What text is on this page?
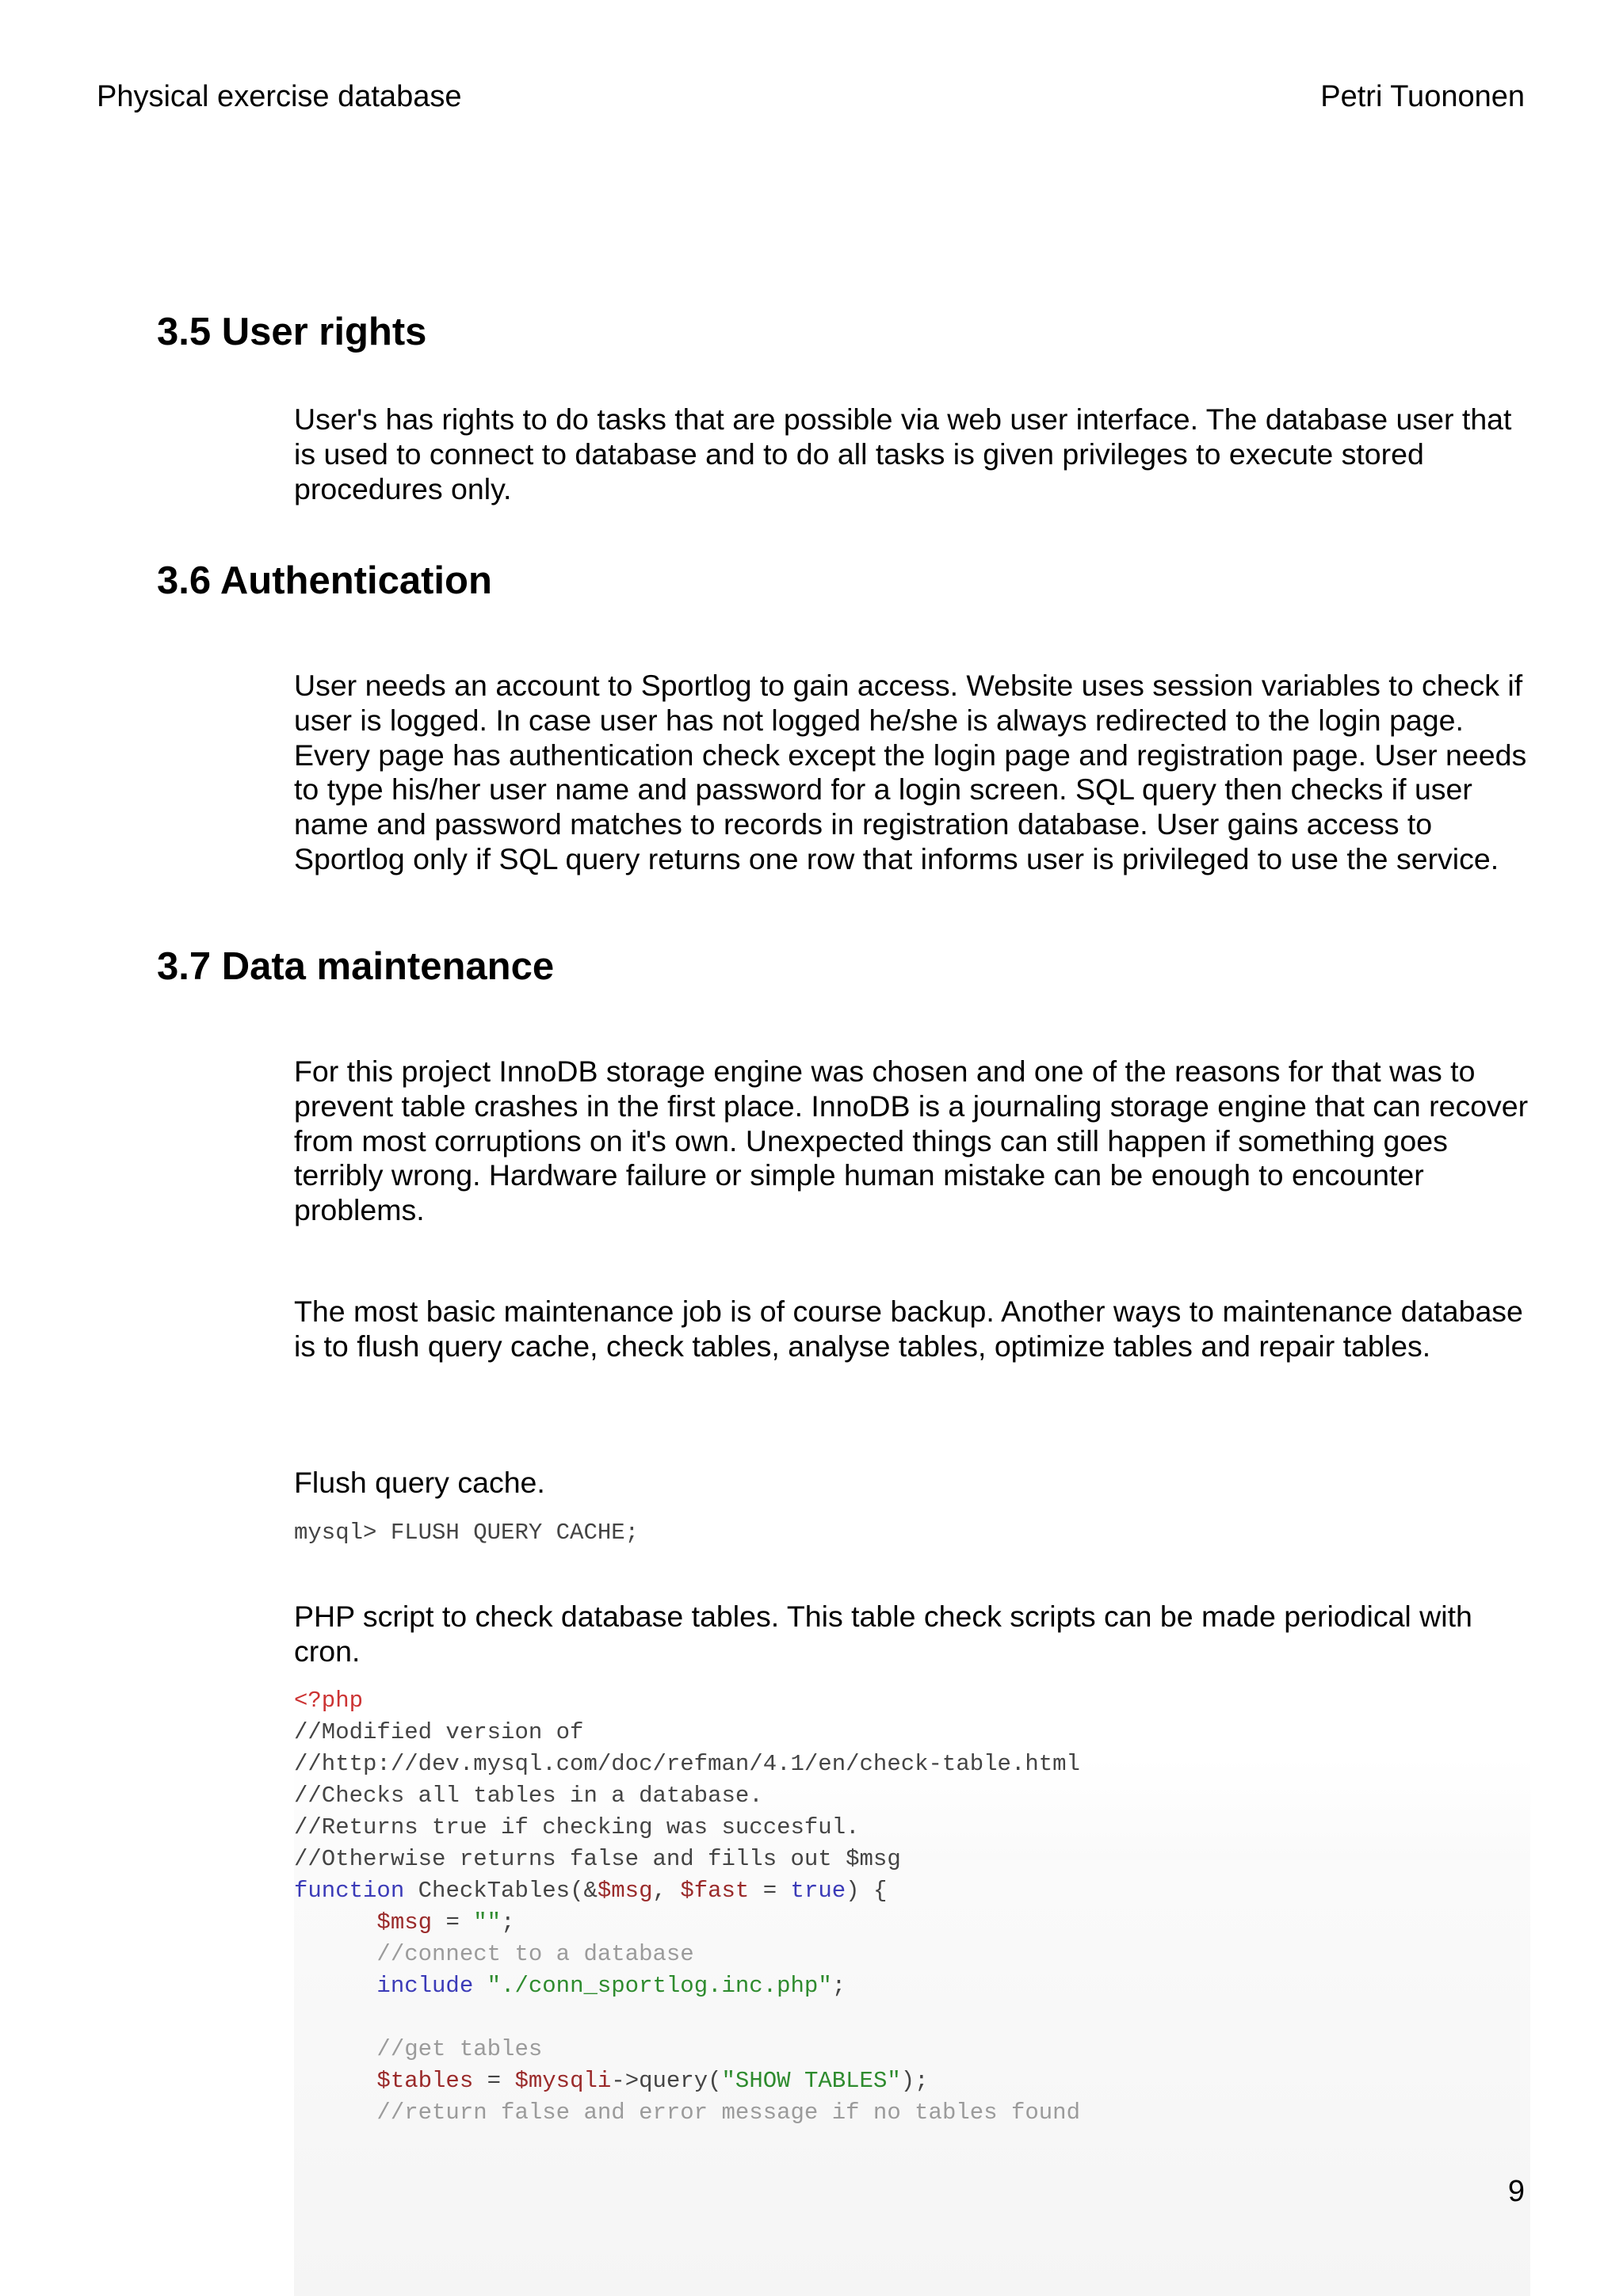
Physical exercise database	Petri Tuononen
3.5 User rights

User's has rights to do tasks that are possible via web user interface. The database user that is used to connect to database and to do all tasks is given privileges to execute stored procedures only.

3.6 Authentication

User needs an account to Sportlog to gain access. Website uses session variables to check if user is logged. In case user has not logged he/she is always redirected to the login page. Every page has authentication check except the login page and registration page. User needs to type his/her user name and password for a login screen. SQL query then checks if user name and password matches to records in registration database. User gains access to Sportlog only if SQL query returns one row that informs user is privileged to use the service.

3.7 Data maintenance

For this project InnoDB storage engine was chosen and one of the reasons for that was to prevent table crashes in the first place. InnoDB is a journaling storage engine that can recover from most corruptions on it's own. Unexpected things can still happen if something goes terribly wrong. Hardware failure or simple human mistake can be enough to encounter problems.

The most basic maintenance job is of course backup. Another ways to maintenance database is to flush query cache, check tables, analyse tables, optimize tables and repair tables.

Flush query cache.

mysql> FLUSH QUERY CACHE;

PHP script to check database tables. This table check scripts can be made periodical with cron.

<?php
//Modified version of
//http://dev.mysql.com/doc/refman/4.1/en/check-table.html
//Checks all tables in a database.
//Returns true if checking was succesful.
//Otherwise returns false and fills out $msg
function CheckTables(&$msg, $fast = true) {
$msg = "";
//connect to a database
include "./conn_sportlog.inc.php";

//get tables
$tables = $mysqli->query("SHOW TABLES");
//return false and error message if no tables found
9
